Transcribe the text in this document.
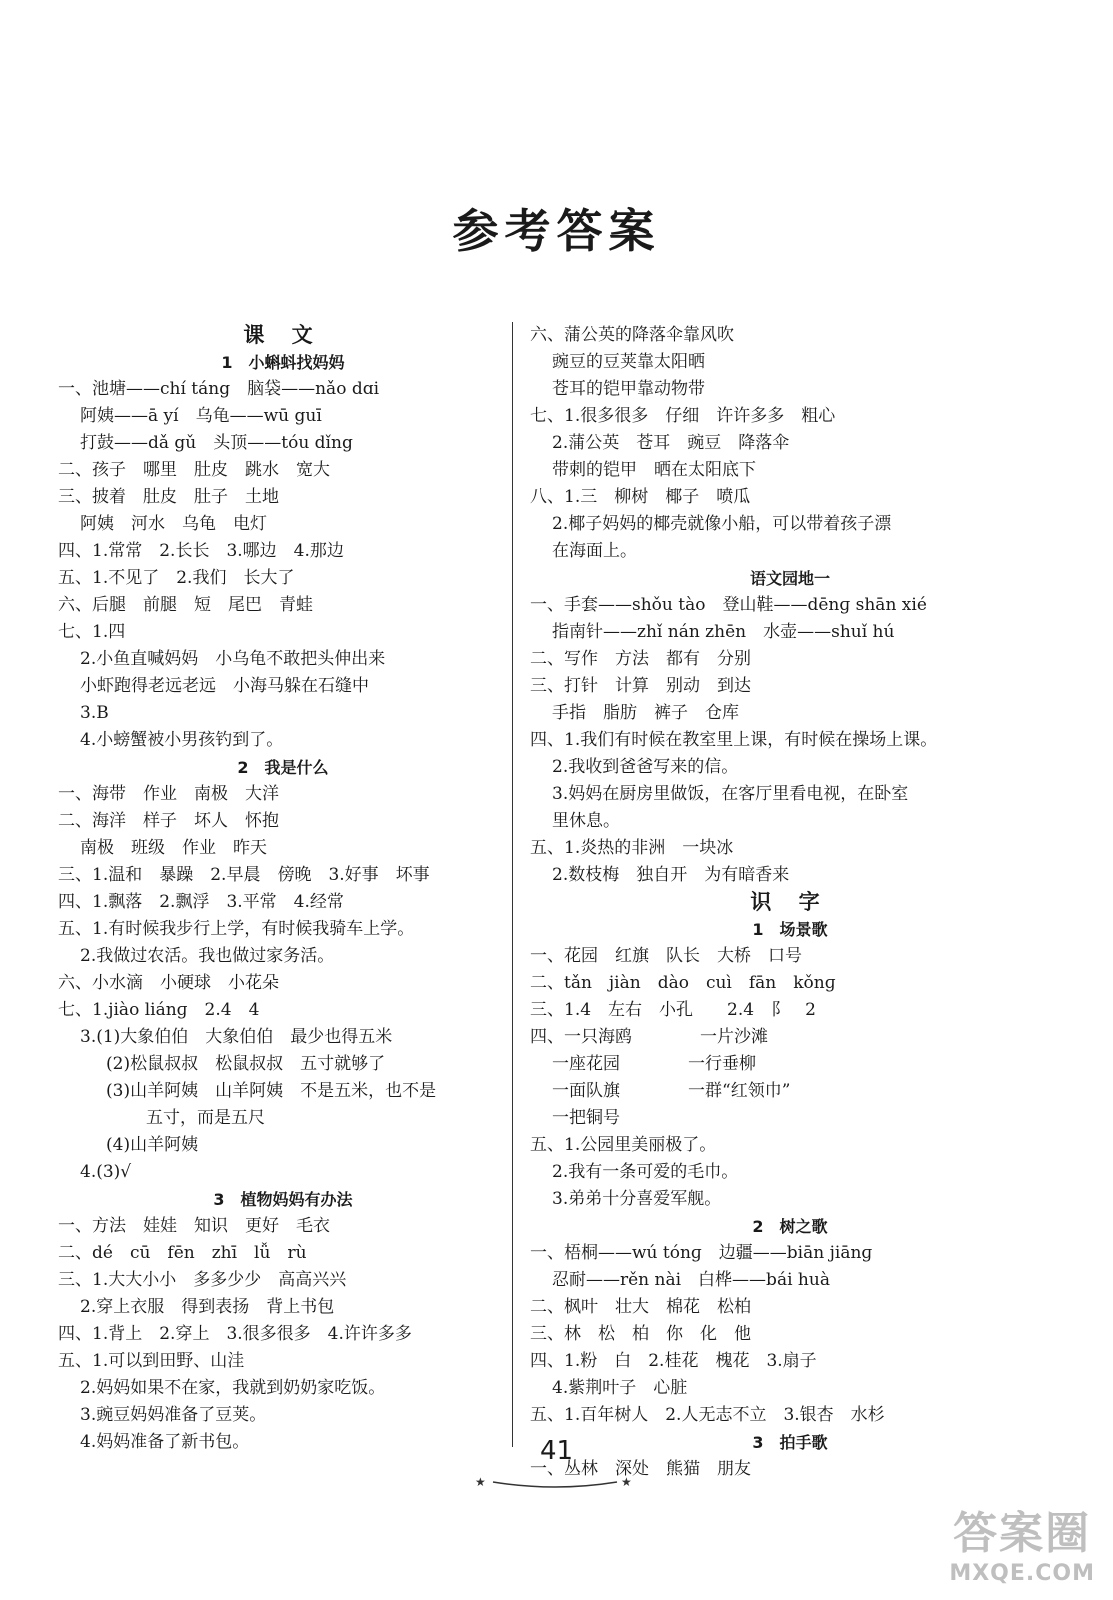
参考答案
课 文
1　小蝌蚪找妈妈
一、池塘——chí táng　脑袋——nǎo dɑi
阿姨——ā yí　乌龟——wū guī
打鼓——dǎ gǔ　头顶——tóu dǐng
二、孩子　哪里　肚皮　跳水　宽大
三、披着　肚皮　肚子　土地
阿姨　河水　乌龟　电灯
四、1.常常　2.长长　3.哪边　4.那边
五、1.不见了　2.我们　长大了
六、后腿　前腿　短　尾巴　青蛙
七、1.四
2.小鱼直喊妈妈　小乌龟不敢把头伸出来
小虾跑得老远老远　小海马躲在石缝中
3.B
4.小螃蟹被小男孩钓到了。
2　我是什么
一、海带　作业　南极　大洋
二、海洋　样子　坏人　怀抱
南极　班级　作业　昨天
三、1.温和　暴躁　2.早晨　傍晚　3.好事　坏事
四、1.飘落　2.飘浮　3.平常　4.经常
五、1.有时候我步行上学，有时候我骑车上学。
2.我做过农活。我也做过家务活。
六、小水滴　小硬球　小花朵
七、1.jiào liánɡ　2.4　4
3.(1)大象伯伯　大象伯伯　最少也得五米
(2)松鼠叔叔　松鼠叔叔　五寸就够了
(3)山羊阿姨　山羊阿姨　不是五米，也不是
五寸，而是五尺
(4)山羊阿姨
4.(3)√
3　植物妈妈有办法
一、方法　娃娃　知识　更好　毛衣
二、dé　cū　fēn　zhī　lǚ　rù
三、1.大大小小　多多少少　高高兴兴
2.穿上衣服　得到表扬　背上书包
四、1.背上　2.穿上　3.很多很多　4.许许多多
五、1.可以到田野、山洼
2.妈妈如果不在家，我就到奶奶家吃饭。
3.豌豆妈妈准备了豆荚。
4.妈妈准备了新书包。
六、蒲公英的降落伞靠风吹
豌豆的豆荚靠太阳晒
苍耳的铠甲靠动物带
七、1.很多很多　仔细　许许多多　粗心
2.蒲公英　苍耳　豌豆　降落伞
带刺的铠甲　晒在太阳底下
八、1.三　柳树　椰子　喷瓜
2.椰子妈妈的椰壳就像小船，可以带着孩子漂
在海面上。
语文园地一
一、手套——shǒu tào　登山鞋——dēnɡ shān xié
指南针——zhǐ nán zhēn　水壶——shuǐ hú
二、写作　方法　都有　分别
三、打针　计算　别动　到达
手指　脂肪　裤子　仓库
四、1.我们有时候在教室里上课，有时候在操场上课。
2.我收到爸爸写来的信。
3.妈妈在厨房里做饭，在客厅里看电视，在卧室
里休息。
五、1.炎热的非洲　一块冰
2.数枝梅　独自开　为有暗香来
识 字
1　场景歌
一、花园　红旗　队长　大桥　口号
二、tǎn　jiàn　dào　cuì　fān　kǒnɡ
三、1.4　左右　小孔　　2.4　阝　2
四、一只海鸥　　　　一片沙滩
一座花园　　　　一行垂柳
一面队旗　　　　一群“红领巾”
一把铜号
五、1.公园里美丽极了。
2.我有一条可爱的毛巾。
3.弟弟十分喜爱军舰。
2　树之歌
一、梧桐——wú tónɡ　边疆——biān jiānɡ
忍耐——rěn nài　白桦——bái huà
二、枫叶　壮大　棉花　松柏
三、林　松　柏　你　化　他
四、1.粉　白　2.桂花　槐花　3.扇子
4.紫荆叶子　心脏
五、1.百年树人　2.人无志不立　3.银杏　水杉
3　拍手歌
一、丛林　深处　熊猫　朋友
41
★	★
答案圈
MXQE.COM
